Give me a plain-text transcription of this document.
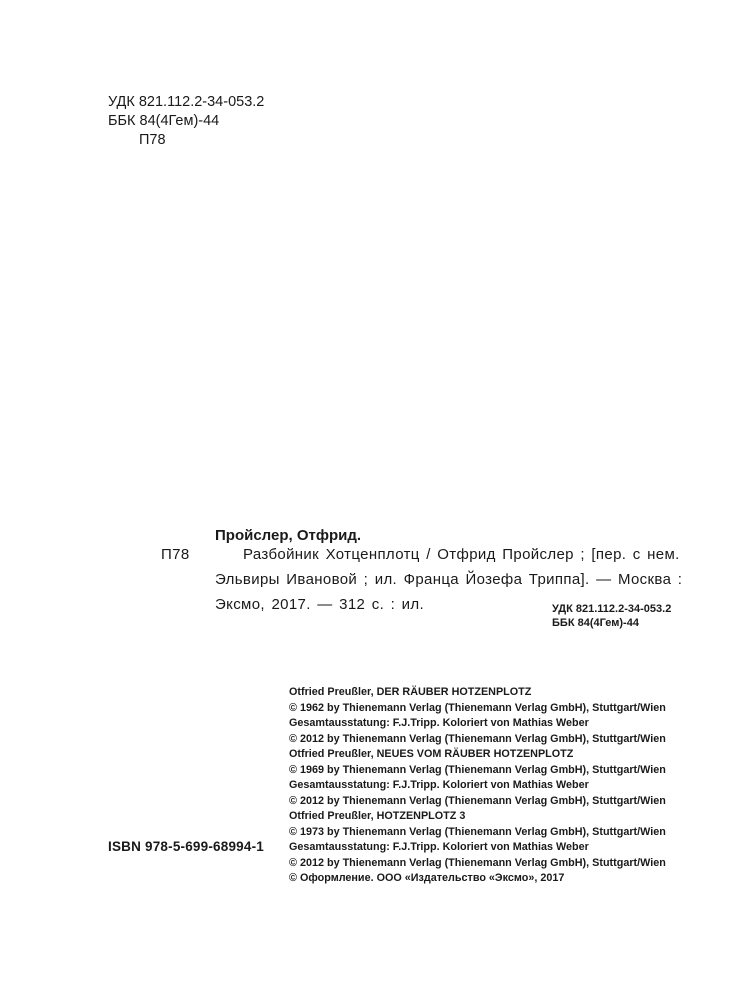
УДК 821.112.2-34-053.2
ББК 84(4Гем)-44
П78
Пройслер, Отфрид.
П78	Разбойник Хотценплотц / Отфрид Пройслер ; [пер. с нем.
Эльвиры Ивановой ; ил. Франца Йозефа Триппа]. — Москва :
Эксмо, 2017. — 312 с. : ил.	УДК 821.112.2-34-053.2
ББК 84(4Гем)-44
Otfried Preußler, DER RÄUBER HOTZENPLOTZ
© 1962 by Thienemann Verlag (Thienemann Verlag GmbH), Stuttgart/Wien
Gesamtausstatung: F.J.Tripp. Koloriert von Mathias Weber
© 2012 by Thienemann Verlag (Thienemann Verlag GmbH), Stuttgart/Wien
Otfried Preußler, NEUES VOM RÄUBER HOTZENPLOTZ
© 1969 by Thienemann Verlag (Thienemann Verlag GmbH), Stuttgart/Wien
Gesamtausstatung: F.J.Tripp. Koloriert von Mathias Weber
© 2012 by Thienemann Verlag (Thienemann Verlag GmbH), Stuttgart/Wien
Otfried Preußler, HOTZENPLOTZ 3
© 1973 by Thienemann Verlag (Thienemann Verlag GmbH), Stuttgart/Wien
Gesamtausstatung: F.J.Tripp. Koloriert von Mathias Weber
© 2012 by Thienemann Verlag (Thienemann Verlag GmbH), Stuttgart/Wien
© Оформление. ООО «Издательство «Эксмо», 2017
ISBN 978-5-699-68994-1
